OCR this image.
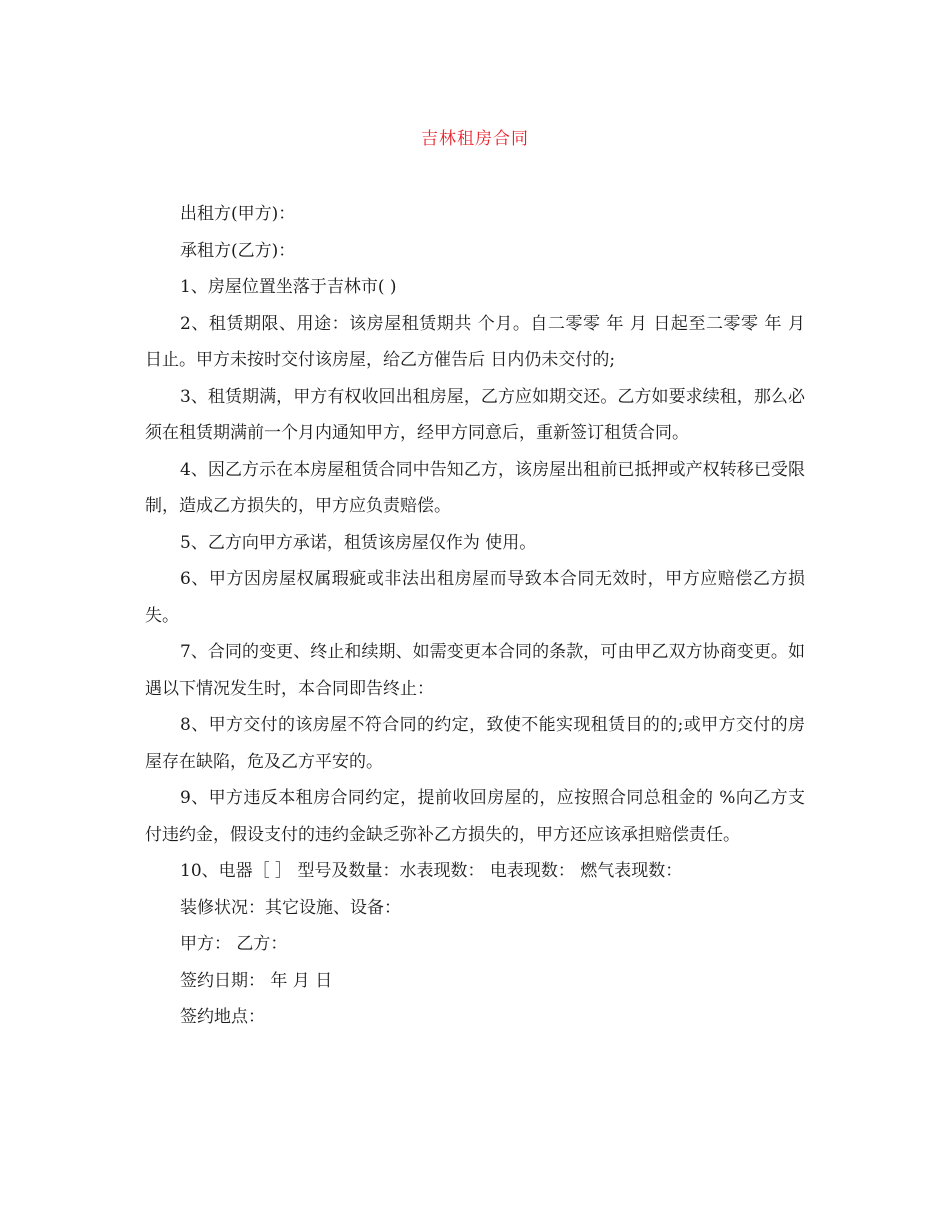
吉林租房合同

出租方(甲方)：

承租方(乙方)：

1、房屋位置坐落于吉林市( )

2、租赁期限、用途：该房屋租赁期共 个月。自二零零 年 月 日起至二零零 年 月 日止。甲方未按时交付该房屋，给乙方催告后 日内仍未交付的;

3、租赁期满，甲方有权收回出租房屋，乙方应如期交还。乙方如要求续租，那么必须在租赁期满前一个月内通知甲方，经甲方同意后，重新签订租赁合同。

4、因乙方示在本房屋租赁合同中告知乙方，该房屋出租前已抵押或产权转移已受限制，造成乙方损失的，甲方应负责赔偿。

5、乙方向甲方承诺，租赁该房屋仅作为 使用。

6、甲方因房屋权属瑕疵或非法出租房屋而导致本合同无效时，甲方应赔偿乙方损失。

7、合同的变更、终止和续期、如需变更本合同的条款，可由甲乙双方协商变更。如遇以下情况发生时，本合同即告终止：

8、甲方交付的该房屋不符合同的约定，致使不能实现租赁目的的;或甲方交付的房屋存在缺陷，危及乙方平安的。

9、甲方违反本租房合同约定，提前收回房屋的，应按照合同总租金的 %向乙方支付违约金，假设支付的违约金缺乏弥补乙方损失的，甲方还应该承担赔偿责任。

10、电器［ ］ 型号及数量：水表现数： 电表现数： 燃气表现数：

装修状况：其它设施、设备：

甲方： 乙方：

签约日期： 年 月 日

签约地点：
